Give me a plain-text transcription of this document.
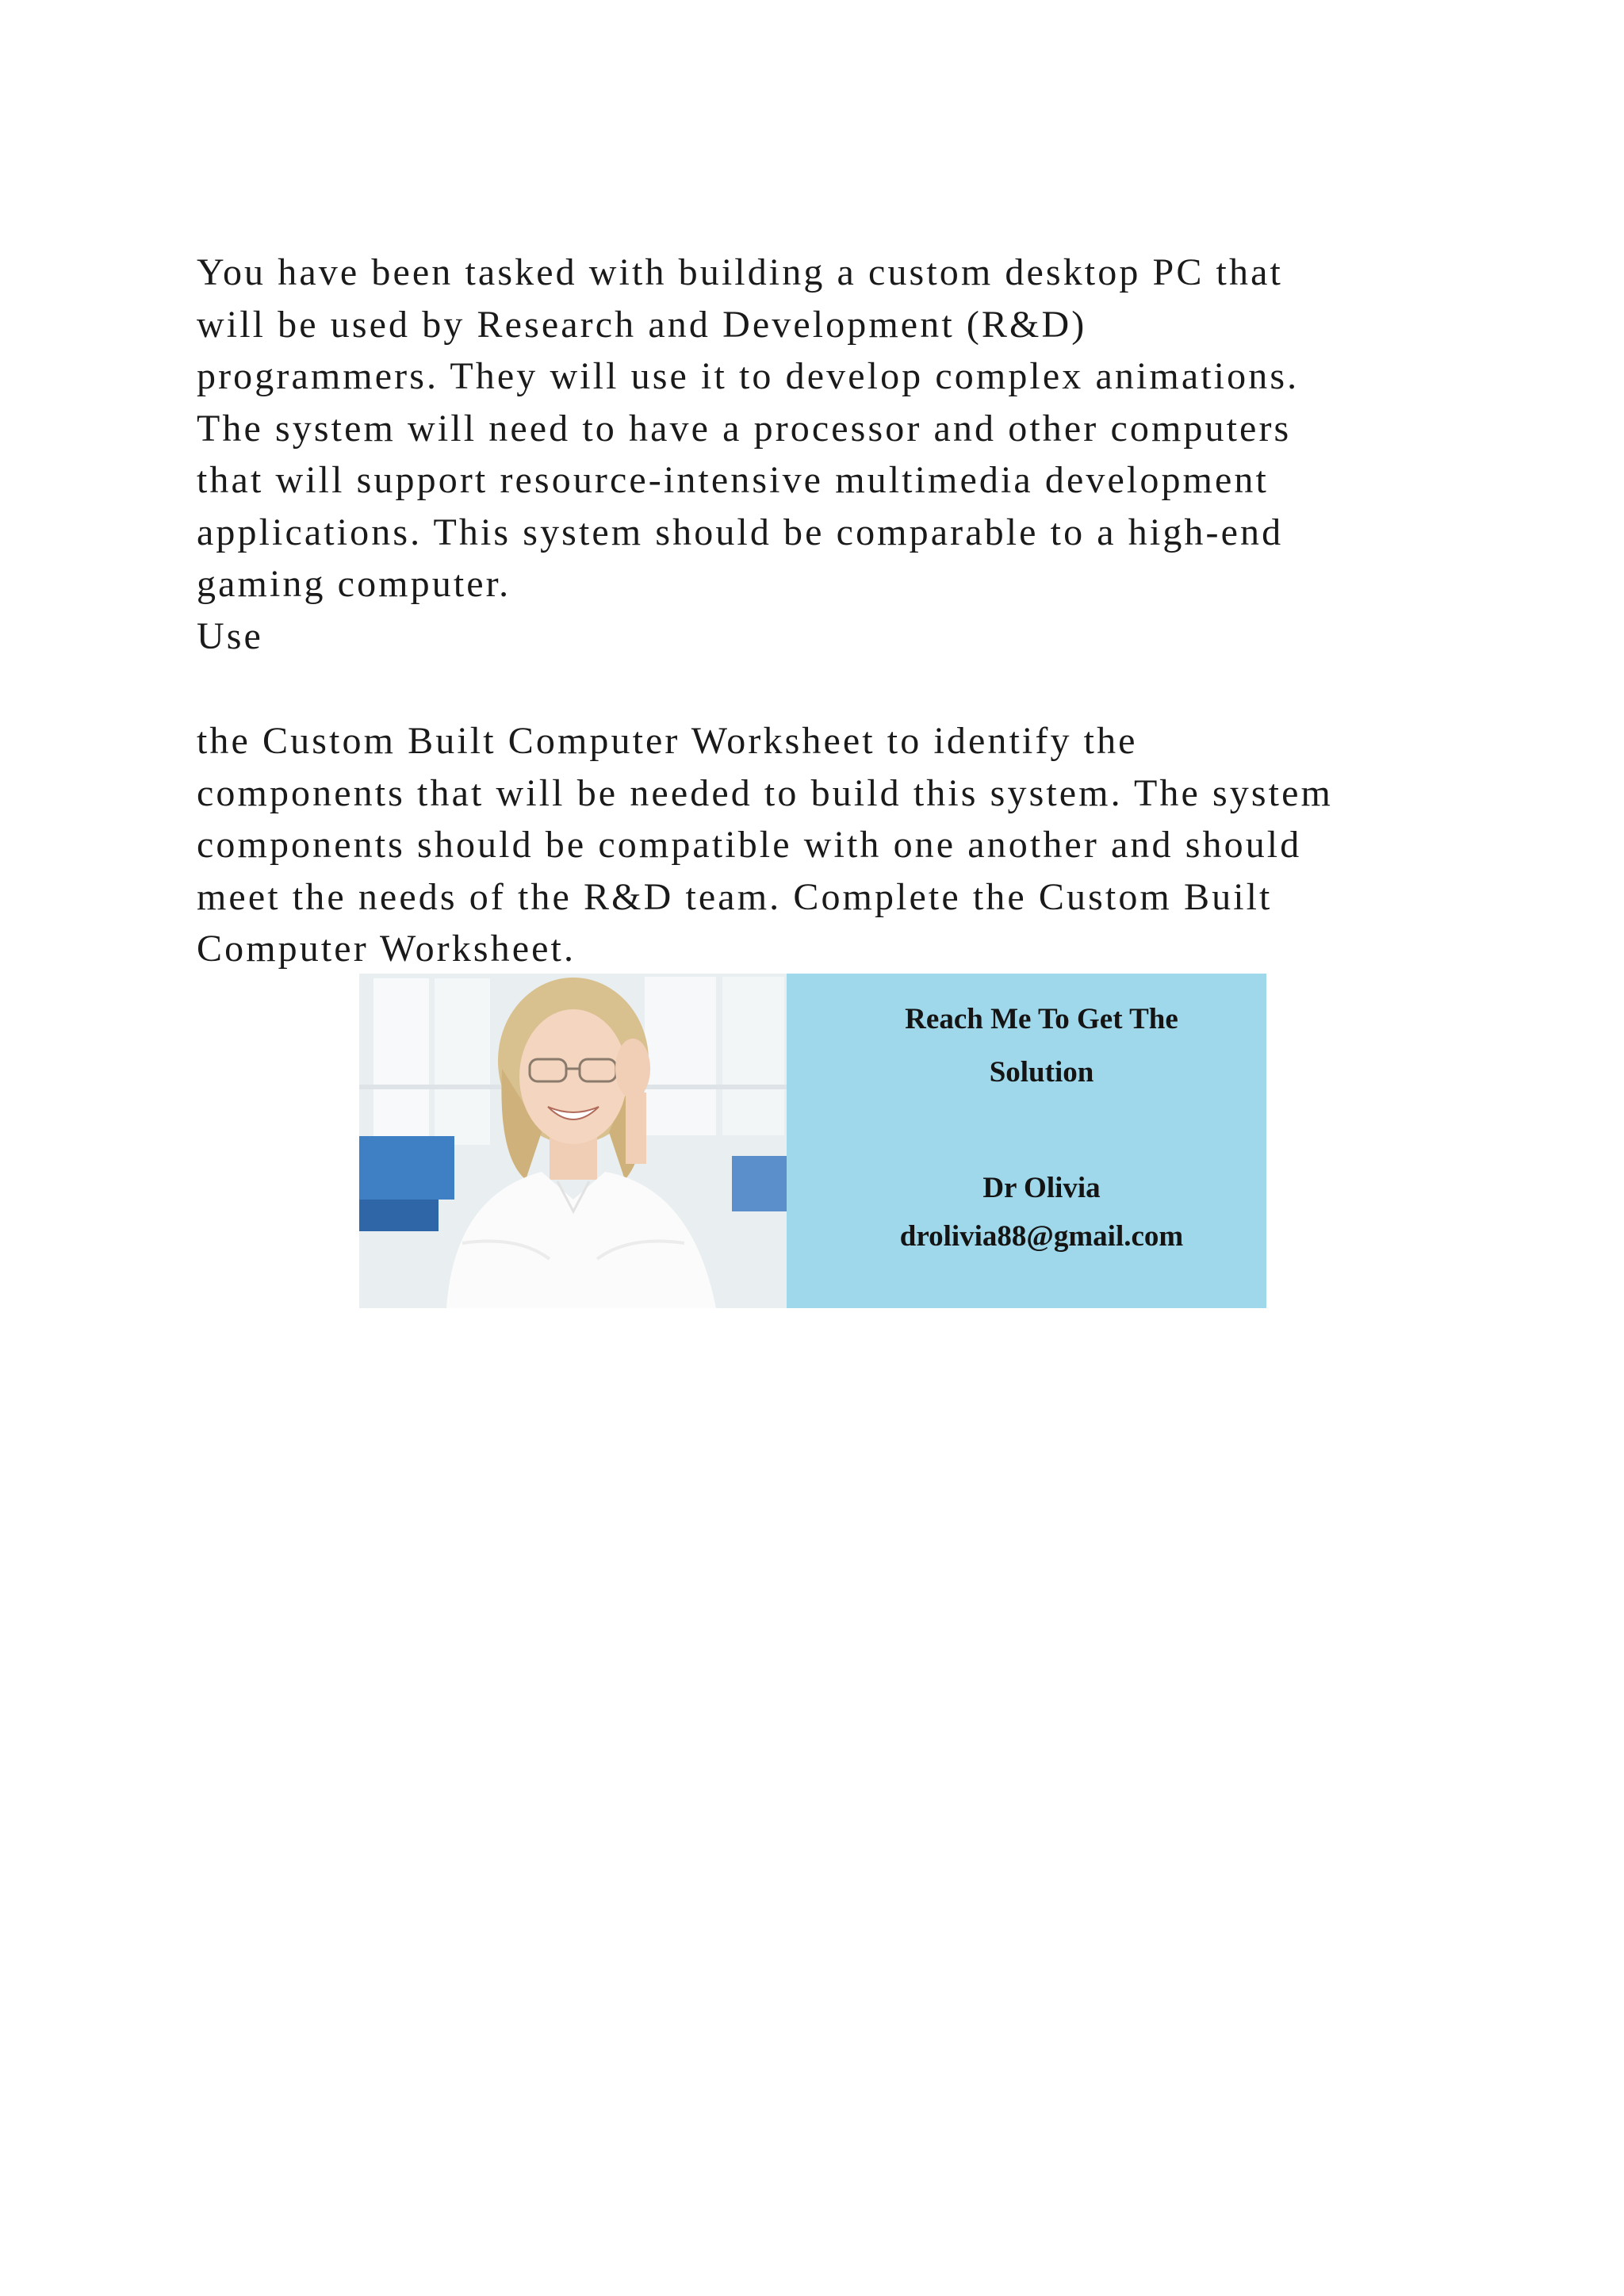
You have been tasked with building a custom desktop PC that
will be used by Research and Development (R&D)
programmers. They will use it to develop complex animations.
The system will need to have a processor and other computers
that will support resource-intensive multimedia development
applications. This system should be comparable to a high-end
gaming computer.
Use

the Custom Built Computer Worksheet to identify the
components that will be needed to build this system. The system
components should be compatible with one another and should
meet the needs of the R&D team. Complete the Custom Built
Computer Worksheet.

Reach Me To Get The
Solution
Dr Olivia
drolivia88@gmail.com
